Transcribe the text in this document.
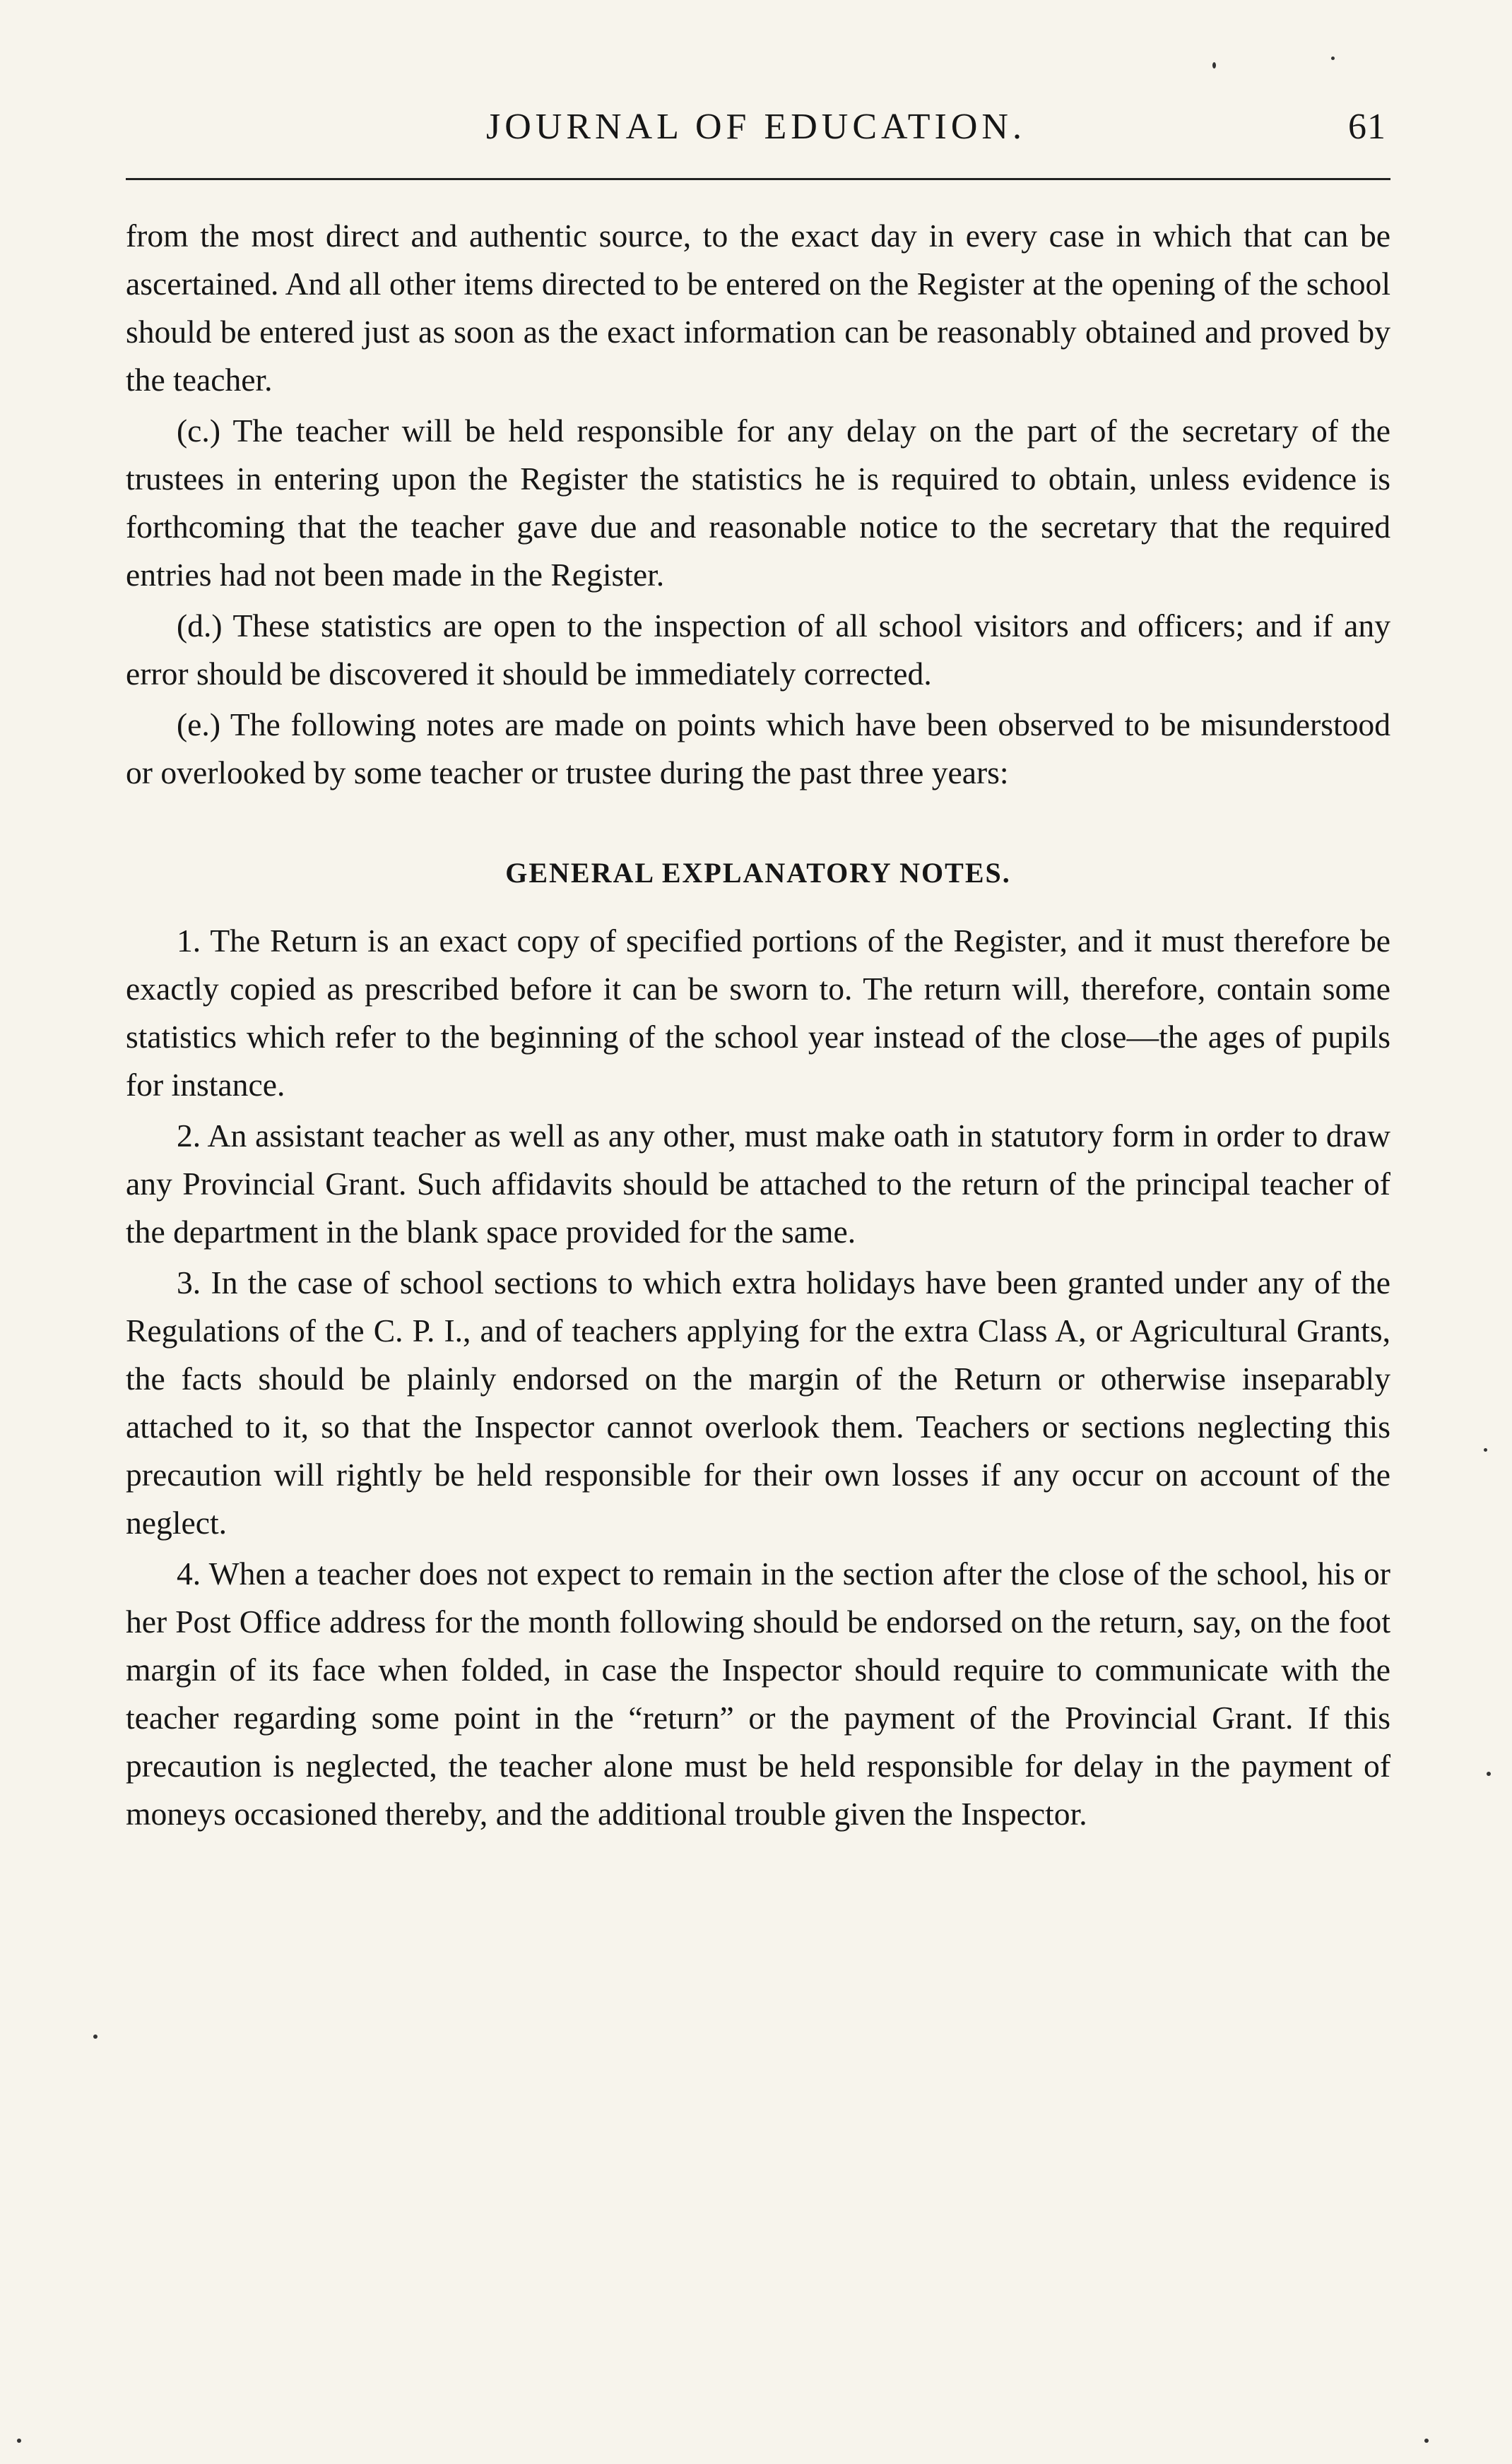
JOURNAL OF EDUCATION.	61

from the most direct and authentic source, to the exact day in every case in which that can be ascertained. And all other items directed to be entered on the Register at the opening of the school should be entered just as soon as the exact information can be reasonably obtained and proved by the teacher.

(c.) The teacher will be held responsible for any delay on the part of the secretary of the trustees in entering upon the Register the statistics he is required to obtain, unless evidence is forthcoming that the teacher gave due and reasonable notice to the secretary that the required entries had not been made in the Register.

(d.) These statistics are open to the inspection of all school visitors and officers; and if any error should be discovered it should be immediately corrected.

(e.) The following notes are made on points which have been observed to be misunderstood or overlooked by some teacher or trustee during the past three years:

GENERAL EXPLANATORY NOTES.

1. The Return is an exact copy of specified portions of the Register, and it must therefore be exactly copied as prescribed before it can be sworn to. The return will, therefore, contain some statistics which refer to the beginning of the school year instead of the close—the ages of pupils for instance.

2. An assistant teacher as well as any other, must make oath in statutory form in order to draw any Provincial Grant. Such affidavits should be attached to the return of the principal teacher of the department in the blank space provided for the same.

3. In the case of school sections to which extra holidays have been granted under any of the Regulations of the C. P. I., and of teachers applying for the extra Class A, or Agricultural Grants, the facts should be plainly endorsed on the margin of the Return or otherwise inseparably attached to it, so that the Inspector cannot overlook them. Teachers or sections neglecting this precaution will rightly be held responsible for their own losses if any occur on account of the neglect.

4. When a teacher does not expect to remain in the section after the close of the school, his or her Post Office address for the month following should be endorsed on the return, say, on the foot margin of its face when folded, in case the Inspector should require to communicate with the teacher regarding some point in the “return” or the payment of the Provincial Grant. If this precaution is neglected, the teacher alone must be held responsible for delay in the payment of moneys occasioned thereby, and the additional trouble given the Inspector.
